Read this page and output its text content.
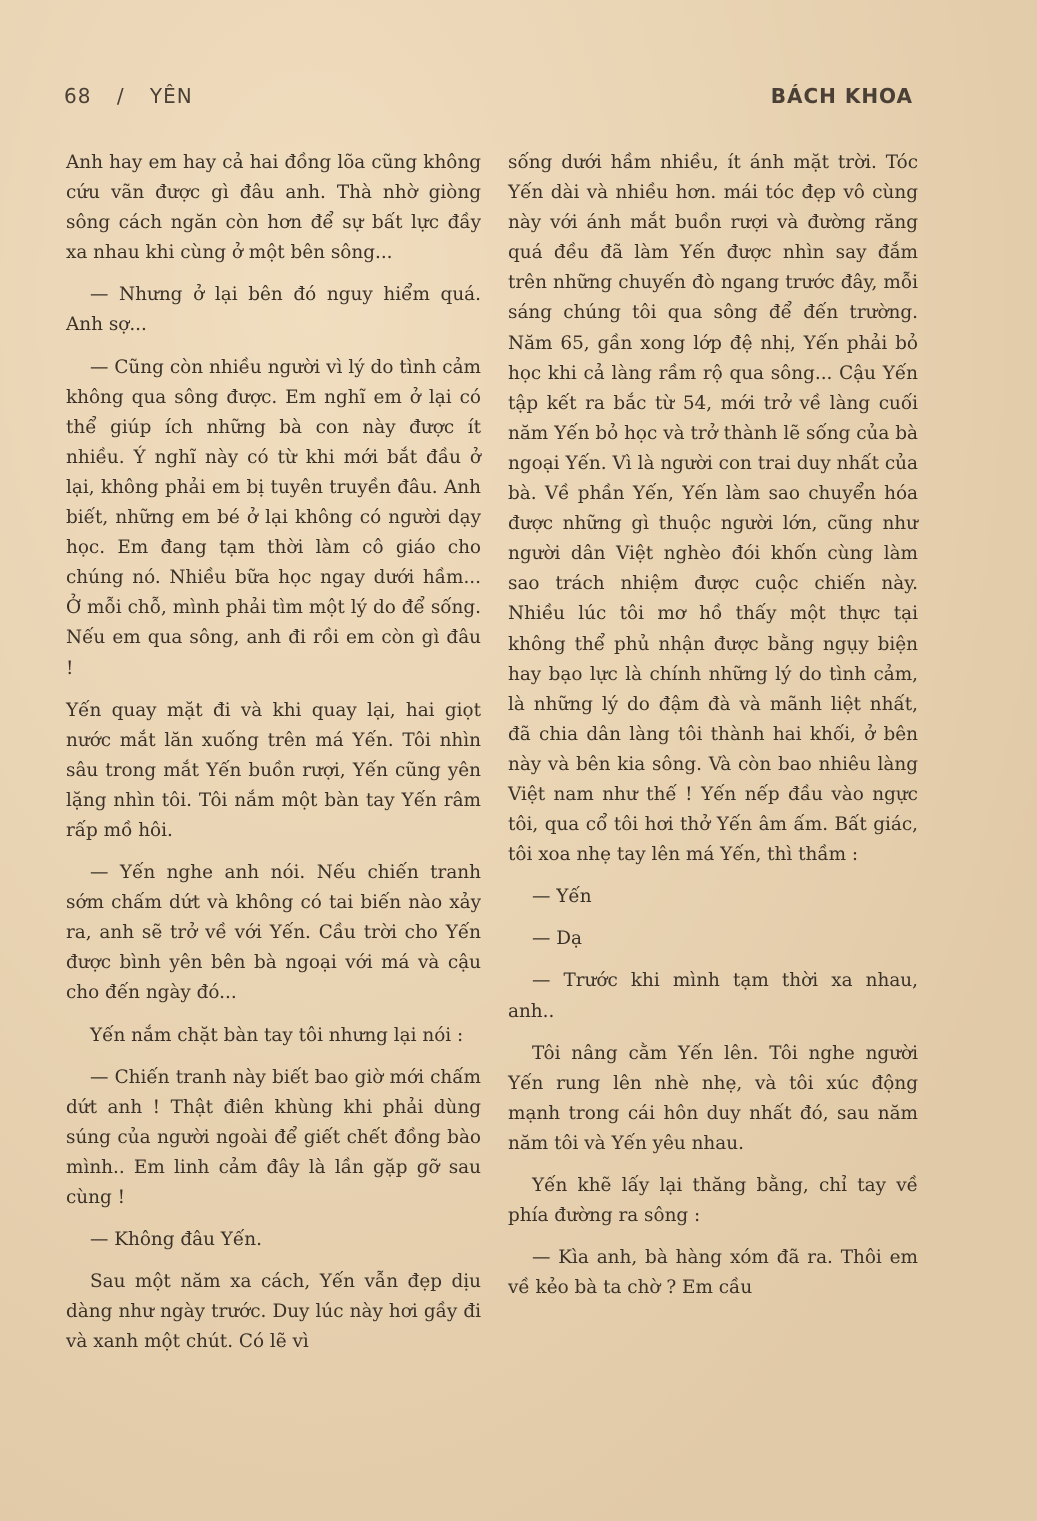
68 / YÊN	BÁCH KHOA

Anh hay em hay cả hai đồng lõa cũng không cứu vãn được gì đâu anh. Thà nhờ giòng sông cách ngăn còn hơn để sự bất lực đầy xa nhau khi cùng ở một bên sông...

— Nhưng ở lại bên đó nguy hiểm quá. Anh sợ...

— Cũng còn nhiều người vì lý do tình cảm không qua sông được. Em nghĩ em ở lại có thể giúp ích những bà con này được ít nhiều. Ý nghĩ này có từ khi mới bắt đầu ở lại, không phải em bị tuyên truyền đâu. Anh biết, những em bé ở lại không có người dạy học. Em đang tạm thời làm cô giáo cho chúng nó. Nhiều bữa học ngay dưới hầm... Ở mỗi chỗ, mình phải tìm một lý do để sống. Nếu em qua sông, anh đi rồi em còn gì đâu !

Yến quay mặt đi và khi quay lại, hai giọt nước mắt lăn xuống trên má Yến. Tôi nhìn sâu trong mắt Yến buồn rượi, Yến cũng yên lặng nhìn tôi. Tôi nắm một bàn tay Yến râm rấp mồ hôi.

— Yến nghe anh nói. Nếu chiến tranh sớm chấm dứt và không có tai biến nào xảy ra, anh sẽ trở về với Yến. Cầu trời cho Yến được bình yên bên bà ngoại với má và cậu cho đến ngày đó...

Yến nắm chặt bàn tay tôi nhưng lại nói :

— Chiến tranh này biết bao giờ mới chấm dứt anh ! Thật điên khùng khi phải dùng súng của người ngoài để giết chết đồng bào mình.. Em linh cảm đây là lần gặp gỡ sau cùng !

— Không đâu Yến.

Sau một năm xa cách, Yến vẫn đẹp dịu dàng như ngày trước. Duy lúc này hơi gầy đi và xanh một chút. Có lẽ vì

sống dưới hầm nhiều, ít ánh mặt trời. Tóc Yến dài và nhiều hơn. mái tóc đẹp vô cùng này với ánh mắt buồn rượi và đường răng quá đều đã làm Yến được nhìn say đắm trên những chuyến đò ngang trước đây, mỗi sáng chúng tôi qua sông để đến trường. Năm 65, gần xong lớp đệ nhị, Yến phải bỏ học khi cả làng rầm rộ qua sông... Cậu Yến tập kết ra bắc từ 54, mới trở về làng cuối năm Yến bỏ học và trở thành lẽ sống của bà ngoại Yến. Vì là người con trai duy nhất của bà. Về phần Yến, Yến làm sao chuyển hóa được những gì thuộc người lớn, cũng như người dân Việt nghèo đói khốn cùng làm sao trách nhiệm được cuộc chiến này. Nhiều lúc tôi mơ hồ thấy một thực tại không thể phủ nhận được bằng ngụy biện hay bạo lực là chính những lý do tình cảm, là những lý do đậm đà và mãnh liệt nhất, đã chia dân làng tôi thành hai khối, ở bên này và bên kia sông. Và còn bao nhiêu làng Việt nam như thế ! Yến nếp đầu vào ngực tôi, qua cổ tôi hơi thở Yến âm ấm. Bất giác, tôi xoa nhẹ tay lên má Yến, thì thầm :

— Yến

— Dạ

— Trước khi mình tạm thời xa nhau, anh..

Tôi nâng cằm Yến lên. Tôi nghe người Yến rung lên nhè nhẹ, và tôi xúc động mạnh trong cái hôn duy nhất đó, sau năm năm tôi và Yến yêu nhau.

Yến khẽ lấy lại thăng bằng, chỉ tay về phía đường ra sông :

— Kìa anh, bà hàng xóm đã ra. Thôi em về kẻo bà ta chờ ? Em cầu
